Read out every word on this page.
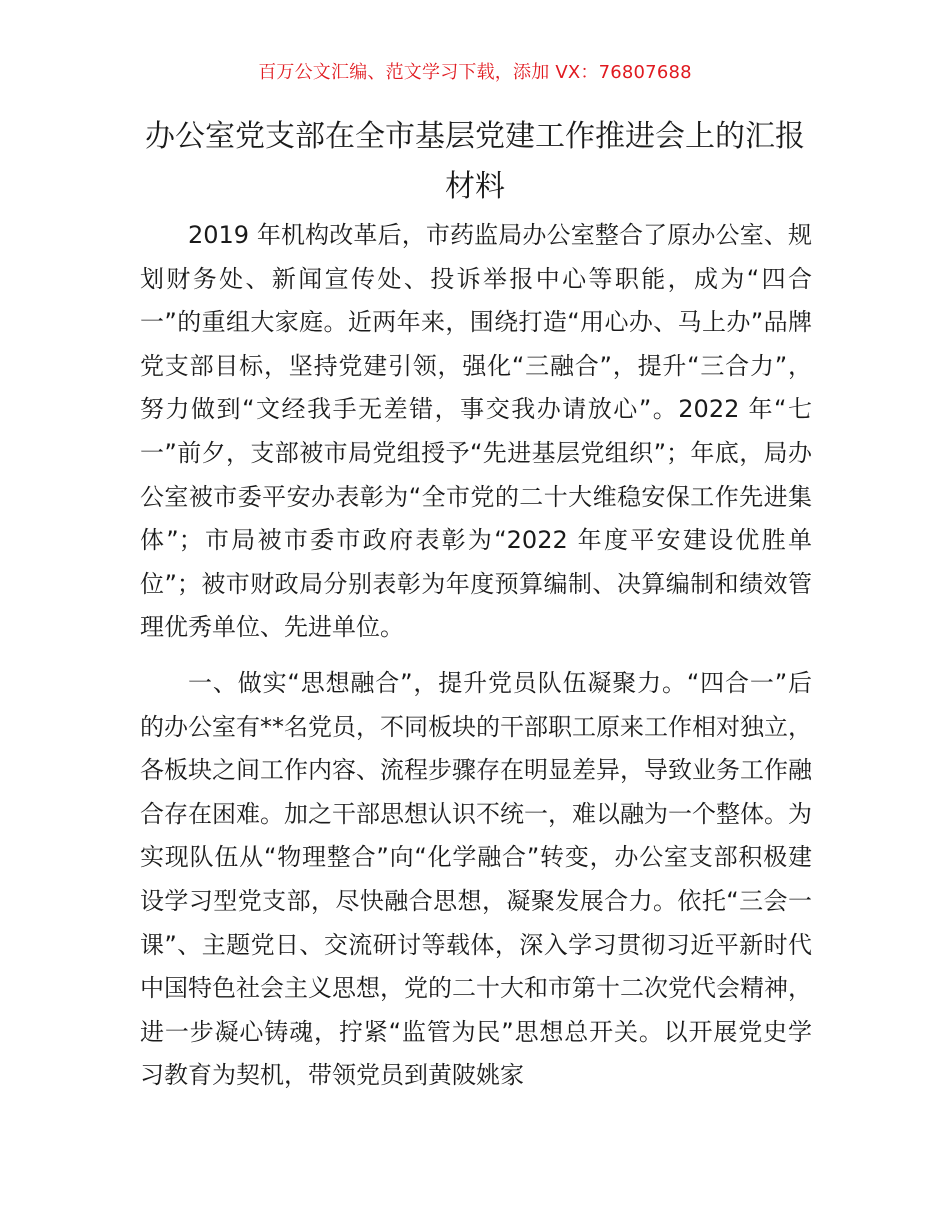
百万公文汇编、范文学习下载，添加 VX：76807688
办公室党支部在全市基层党建工作推进会上的汇报材料

2019 年机构改革后，市药监局办公室整合了原办公室、规划财务处、新闻宣传处、投诉举报中心等职能，成为“四合一”的重组大家庭。近两年来，围绕打造“用心办、马上办”品牌党支部目标，坚持党建引领，强化“三融合”，提升“三合力”，努力做到“文经我手无差错，事交我办请放心”。2022 年“七一”前夕，支部被市局党组授予“先进基层党组织”；年底，局办公室被市委平安办表彰为“全市党的二十大维稳安保工作先进集体”；市局被市委市政府表彰为“2022 年度平安建设优胜单位”；被市财政局分别表彰为年度预算编制、决算编制和绩效管理优秀单位、先进单位。

一、做实“思想融合”，提升党员队伍凝聚力。“四合一”后的办公室有**名党员，不同板块的干部职工原来工作相对独立，各板块之间工作内容、流程步骤存在明显差异，导致业务工作融合存在困难。加之干部思想认识不统一，难以融为一个整体。为实现队伍从“物理整合”向“化学融合”转变，办公室支部积极建设学习型党支部，尽快融合思想，凝聚发展合力。依托“三会一课”、主题党日、交流研讨等载体，深入学习贯彻习近平新时代中国特色社会主义思想，党的二十大和市第十二次党代会精神，进一步凝心铸魂，拧紧“监管为民”思想总开关。以开展党史学习教育为契机，带领党员到黄陂姚家
